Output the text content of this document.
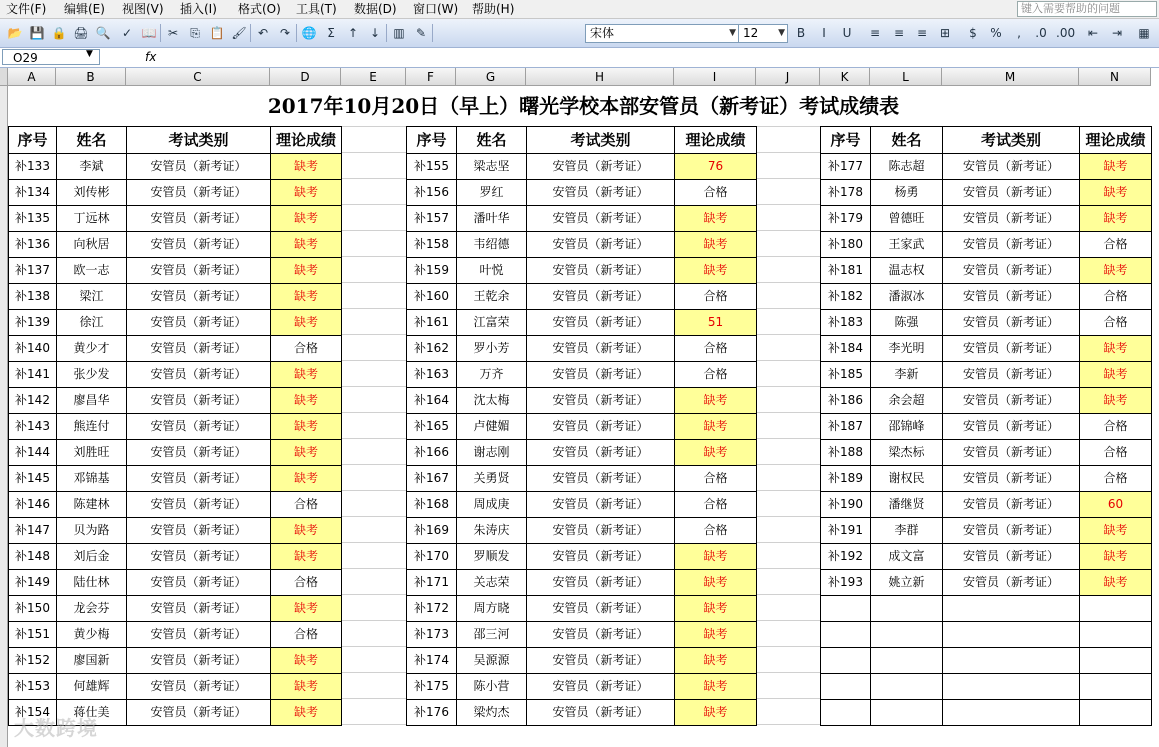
文件(F) 编辑(E) 视图(V) 插入(I) 格式(O) 工具(T) 数据(D) 窗口(W) 帮助(H)	键入需要帮助的问题
📂 💾 🔒 🖨 🔍 ✓ 📖 ✂	⎘ 📋 🖌 ↶ ↷ 🌐 Σ	↑ ↓	▥ ✎	宋体	▼ 12 ▼ B	I	U	≡	≡	≡	⊞	$	%	,	.0 .00	⇤	⇥	▦
O29	▼	fx
A	B	C	D	E	F	G	H	I	J	K	L	M	N
2017年10月20日（早上）曙光学校本部安管员（新考证）考试成绩表
序号	姓名	考试类别	理论成绩
补133	李斌	安管员（新考证）	缺考
补134	刘传彬	安管员（新考证）	缺考
补135	丁远林	安管员（新考证）	缺考
补136	向秋居	安管员（新考证）	缺考
补137	欧一志	安管员（新考证）	缺考
补138	梁江	安管员（新考证）	缺考
补139	徐江	安管员（新考证）	缺考
补140	黄少才	安管员（新考证）	合格
补141	张少发	安管员（新考证）	缺考
补142	廖昌华	安管员（新考证）	缺考
补143	熊连付	安管员（新考证）	缺考
补144	刘胜旺	安管员（新考证）	缺考
补145	邓锦基	安管员（新考证）	缺考
补146	陈建林	安管员（新考证）	合格
补147	贝为路	安管员（新考证）	缺考
补148	刘后金	安管员（新考证）	缺考
补149	陆仕林	安管员（新考证）	合格
补150	龙会芬	安管员（新考证）	缺考
补151	黄少梅	安管员（新考证）	合格
补152	廖国新	安管员（新考证）	缺考
补153	何雄辉	安管员（新考证）	缺考
补154	蒋仕美	安管员（新考证）	缺考
序号	姓名	考试类别	理论成绩
补155	梁志坚	安管员（新考证）	76
补156	罗红	安管员（新考证）	合格
补157	潘叶华	安管员（新考证）	缺考
补158	韦绍德	安管员（新考证）	缺考
补159	叶悦	安管员（新考证）	缺考
补160	王乾余	安管员（新考证）	合格
补161	江富荣	安管员（新考证）	51
补162	罗小芳	安管员（新考证）	合格
补163	万齐	安管员（新考证）	合格
补164	沈太梅	安管员（新考证）	缺考
补165	卢健媚	安管员（新考证）	缺考
补166	谢志刚	安管员（新考证）	缺考
补167	关勇贤	安管员（新考证）	合格
补168	周成庚	安管员（新考证）	合格
补169	朱涛庆	安管员（新考证）	合格
补170	罗顺发	安管员（新考证）	缺考
补171	关志荣	安管员（新考证）	缺考
补172	周方晓	安管员（新考证）	缺考
补173	邵三河	安管员（新考证）	缺考
补174	吴源源	安管员（新考证）	缺考
补175	陈小营	安管员（新考证）	缺考
补176	梁灼杰	安管员（新考证）	缺考
序号	姓名	考试类别	理论成绩
补177	陈志超	安管员（新考证）	缺考
补178	杨勇	安管员（新考证）	缺考
补179	曾德旺	安管员（新考证）	缺考
补180	王家武	安管员（新考证）	合格
补181	温志权	安管员（新考证）	缺考
补182	潘淑冰	安管员（新考证）	合格
补183	陈强	安管员（新考证）	合格
补184	李光明	安管员（新考证）	缺考
补185	李新	安管员（新考证）	缺考
补186	余会超	安管员（新考证）	缺考
补187	邵锦峰	安管员（新考证）	合格
补188	梁杰标	安管员（新考证）	合格
补189	谢权民	安管员（新考证）	合格
补190	潘继贤	安管员（新考证）	60
补191	李群	安管员（新考证）	缺考
补192	成文富	安管员（新考证）	缺考
补193	姚立新	安管员（新考证）	缺考
大数跨境
